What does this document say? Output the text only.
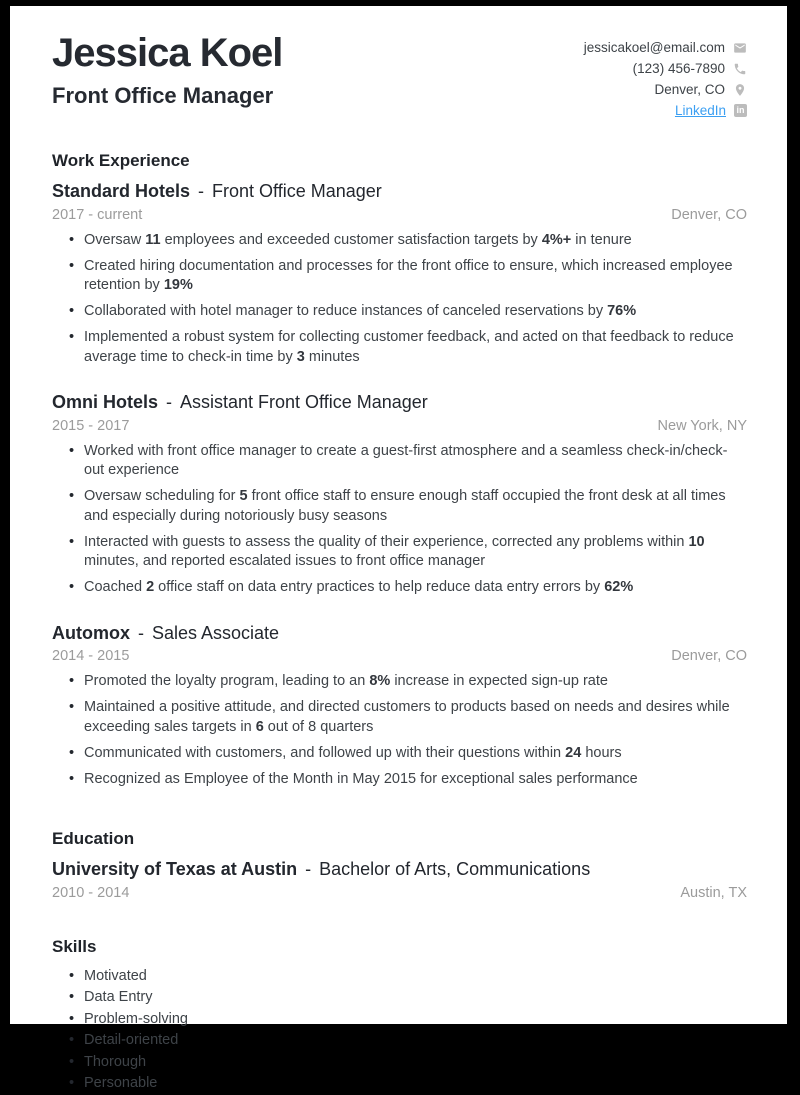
Jessica Koel
Front Office Manager
jessicakoel@email.com
(123) 456-7890
Denver, CO
LinkedIn in
Work Experience
Standard Hotels - Front Office Manager
2017 - current	Denver, CO
• Oversaw 11 employees and exceeded customer satisfaction targets by 4%+ in tenure
• Created hiring documentation and processes for the front office to ensure, which increased employee retention by 19%
• Collaborated with hotel manager to reduce instances of canceled reservations by 76%
• Implemented a robust system for collecting customer feedback, and acted on that feedback to reduce average time to check-in time by 3 minutes
Omni Hotels - Assistant Front Office Manager
2015 - 2017	New York, NY
• Worked with front office manager to create a guest-first atmosphere and a seamless check-in/check-out experience
• Oversaw scheduling for 5 front office staff to ensure enough staff occupied the front desk at all times and especially during notoriously busy seasons
• Interacted with guests to assess the quality of their experience, corrected any problems within 10 minutes, and reported escalated issues to front office manager
• Coached 2 office staff on data entry practices to help reduce data entry errors by 62%
Automox - Sales Associate
2014 - 2015	Denver, CO
• Promoted the loyalty program, leading to an 8% increase in expected sign-up rate
• Maintained a positive attitude, and directed customers to products based on needs and desires while exceeding sales targets in 6 out of 8 quarters
• Communicated with customers, and followed up with their questions within 24 hours
• Recognized as Employee of the Month in May 2015 for exceptional sales performance
Education
University of Texas at Austin - Bachelor of Arts, Communications
2010 - 2014	Austin, TX
Skills
• Motivated
• Data Entry
• Problem-solving
• Detail-oriented
• Thorough
• Personable
